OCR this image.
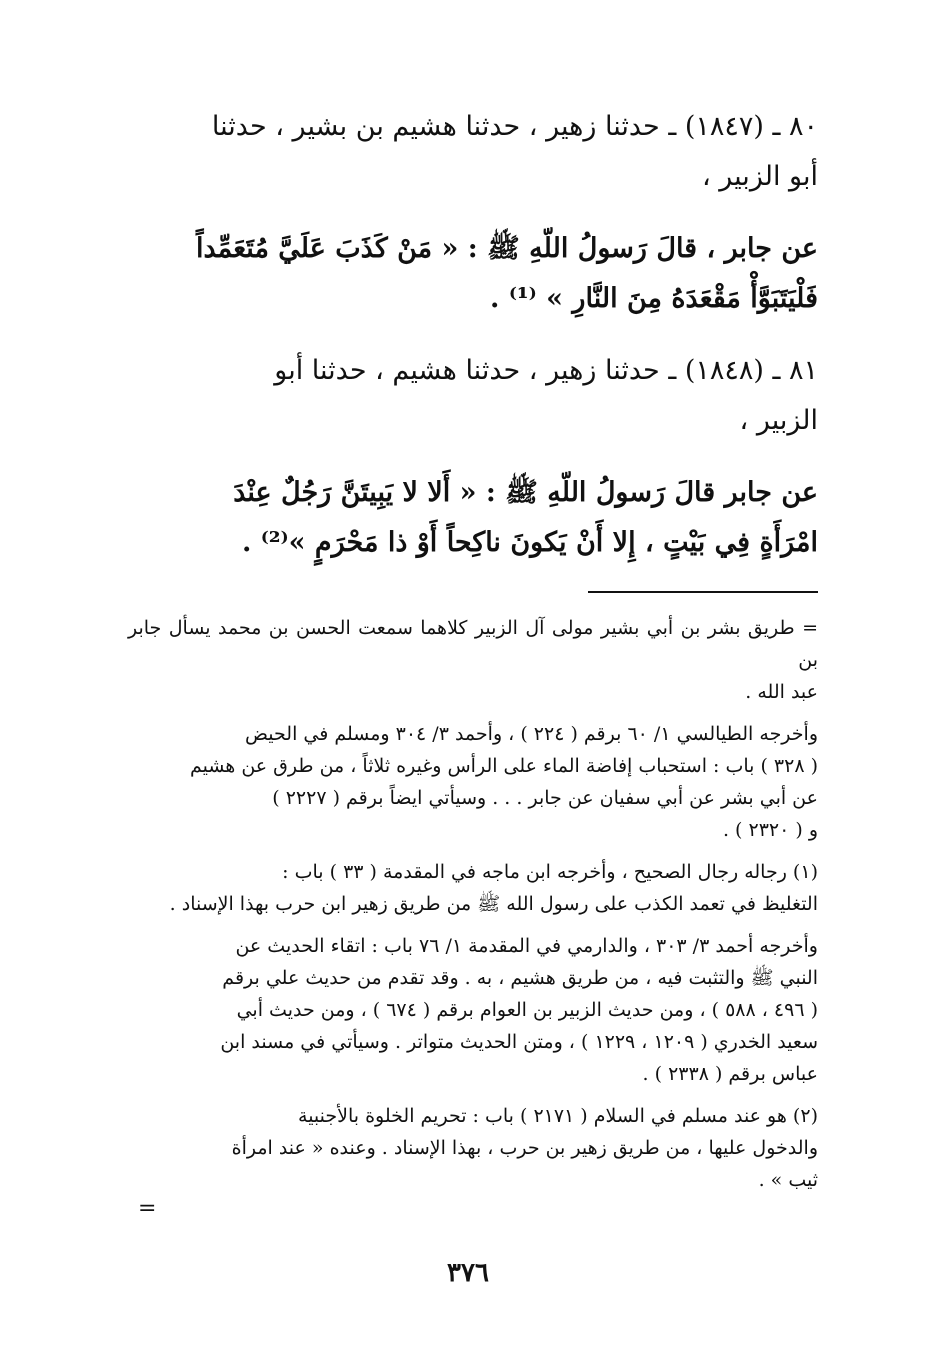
٨٠ ـ (١٨٤٧) ـ حدثنا زهير ، حدثنا هشيم بن بشير ، حدثنا

أبو الزبير ،

عن جابر ، قالَ رَسولُ اللّهِ ﷺ : « مَنْ كَذَبَ عَلَيَّ مُتَعَمِّداً

فَلْيَتَبَوَّأْ مَقْعَدَهُ مِنَ النَّارِ » ⁽¹⁾ .

٨١ ـ (١٨٤٨) ـ حدثنا زهير ، حدثنا هشيم ، حدثنا أبو

الزبير ،

عن جابر قالَ رَسولُ اللّهِ ﷺ : « أَلا لا يَبِيتَنَّ رَجُلٌ عِنْدَ

امْرَأَةٍ فِي بَيْتٍ ، إِلا أَنْ يَكونَ ناكِحاً أَوْ ذا مَحْرَمٍ »⁽²⁾ .

= طريق بشر بن أبي بشير مولى آل الزبير كلاهما سمعت الحسن بن محمد يسأل جابر بن

عبد الله .

وأخرجه الطيالسي ١/ ٦٠ برقم ( ٢٢٤ ) ، وأحمد ٣/ ٣٠٤ ومسلم في الحيض

( ٣٢٨ ) باب : استحباب إفاضة الماء على الرأس وغيره ثلاثاً ، من طرق عن هشيم

عن أبي بشر عن أبي سفيان عن جابر . . . وسيأتي ايضاً برقم ( ٢٢٢٧ )

و ( ٢٣٢٠ ) .

(١) رجاله رجال الصحيح ، وأخرجه ابن ماجه في المقدمة ( ٣٣ ) باب :

التغليظ في تعمد الكذب على رسول الله ﷺ من طريق زهير ابن حرب بهذا الإسناد .

وأخرجه أحمد ٣/ ٣٠٣ ، والدارمي في المقدمة ١/ ٧٦ باب : اتقاء الحديث عن

النبي ﷺ والتثبت فيه ، من طريق هشيم ، به . وقد تقدم من حديث علي برقم

( ٤٩٦ ، ٥٨٨ ) ، ومن حديث الزبير بن العوام برقم ( ٦٧٤ ) ، ومن حديث أبي

سعيد الخدري ( ١٢٠٩ ، ١٢٢٩ ) ، ومتن الحديث متواتر . وسيأتي في مسند ابن

عباس برقم ( ٢٣٣٨ ) .

(٢) هو عند مسلم في السلام ( ٢١٧١ ) باب : تحريم الخلوة بالأجنبية

والدخول عليها ، من طريق زهير بن حرب ، بهذا الإسناد . وعنده « عند امرأة

ثيب » .

=
٣٧٦
